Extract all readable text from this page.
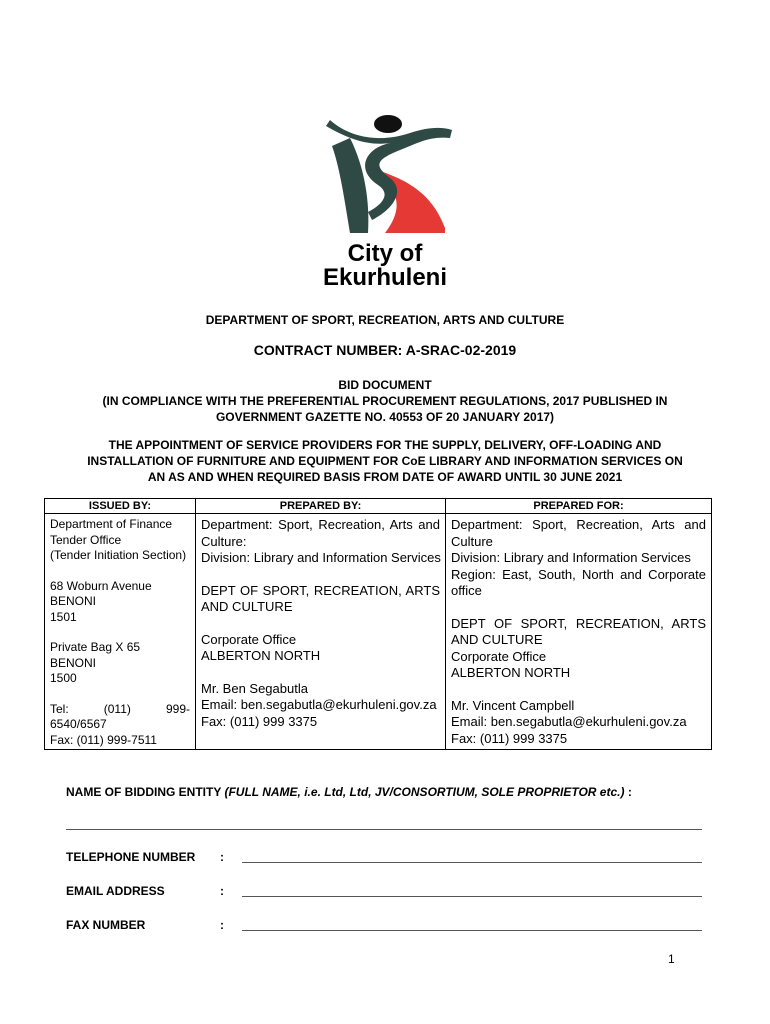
City of
Ekurhuleni
DEPARTMENT OF SPORT, RECREATION, ARTS AND CULTURE
CONTRACT NUMBER: A-SRAC-02-2019
BID DOCUMENT
(IN COMPLIANCE WITH THE PREFERENTIAL PROCUREMENT REGULATIONS, 2017 PUBLISHED IN
GOVERNMENT GAZETTE NO. 40553 OF 20 JANUARY 2017)
THE APPOINTMENT OF SERVICE PROVIDERS FOR THE SUPPLY, DELIVERY, OFF-LOADING AND
INSTALLATION OF FURNITURE AND EQUIPMENT FOR CoE LIBRARY AND INFORMATION SERVICES ON
AN AS AND WHEN REQUIRED BASIS FROM DATE OF AWARD UNTIL 30 JUNE 2021
ISSUED BY:
Department of Finance
Tender Office
(Tender Initiation Section)
68 Woburn Avenue
BENONI
1501
Private Bag X 65
BENONI
1500
Tel: (011) 999-
6540/6567
Fax: (011) 999-7511
PREPARED BY:
Department: Sport, Recreation, Arts and
Culture:
Division: Library and Information Services
DEPT OF SPORT, RECREATION, ARTS
AND CULTURE
Corporate Office
ALBERTON NORTH
Mr. Ben Segabutla
Email: ben.segabutla@ekurhuleni.gov.za
Fax: (011) 999 3375
PREPARED FOR:
Department: Sport, Recreation, Arts and
Culture
Division: Library and Information Services
Region: East, South, North and Corporate
office
DEPT OF SPORT, RECREATION, ARTS
AND CULTURE
Corporate Office
ALBERTON NORTH
Mr. Vincent Campbell
Email: ben.segabutla@ekurhuleni.gov.za
Fax: (011) 999 3375
NAME OF BIDDING ENTITY (FULL NAME, i.e. Ltd, Ltd, JV/CONSORTIUM, SOLE PROPRIETOR etc.) :
TELEPHONE NUMBER :
EMAIL ADDRESS	:
FAX NUMBER	:
1
